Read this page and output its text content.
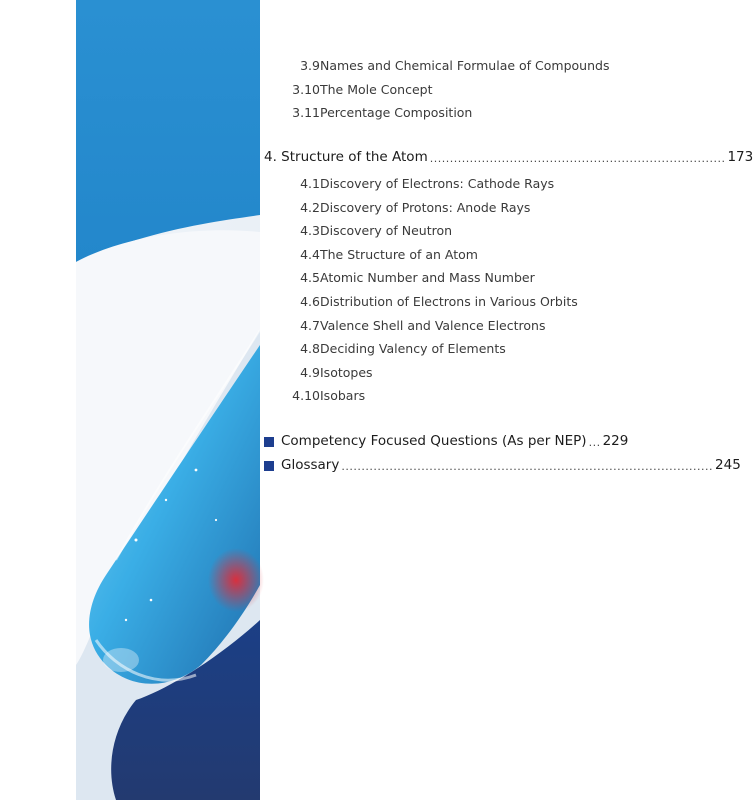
3.9 Names and Chemical Formulae of Compounds
3.10 The Mole Concept
3.11 Percentage Composition
4. Structure of the Atom .......................................................................... 173
4.1 Discovery of Electrons: Cathode Rays
4.2 Discovery of Protons: Anode Rays
4.3 Discovery of Neutron
4.4 The Structure of an Atom
4.5 Atomic Number and Mass Number
4.6 Distribution of Electrons in Various Orbits
4.7 Valence Shell and Valence Electrons
4.8 Deciding Valency of Elements
4.9 Isotopes
4.10 Isobars
Competency Focused Questions (As per NEP) ... 229
Glossary ............................................................................................. 245
